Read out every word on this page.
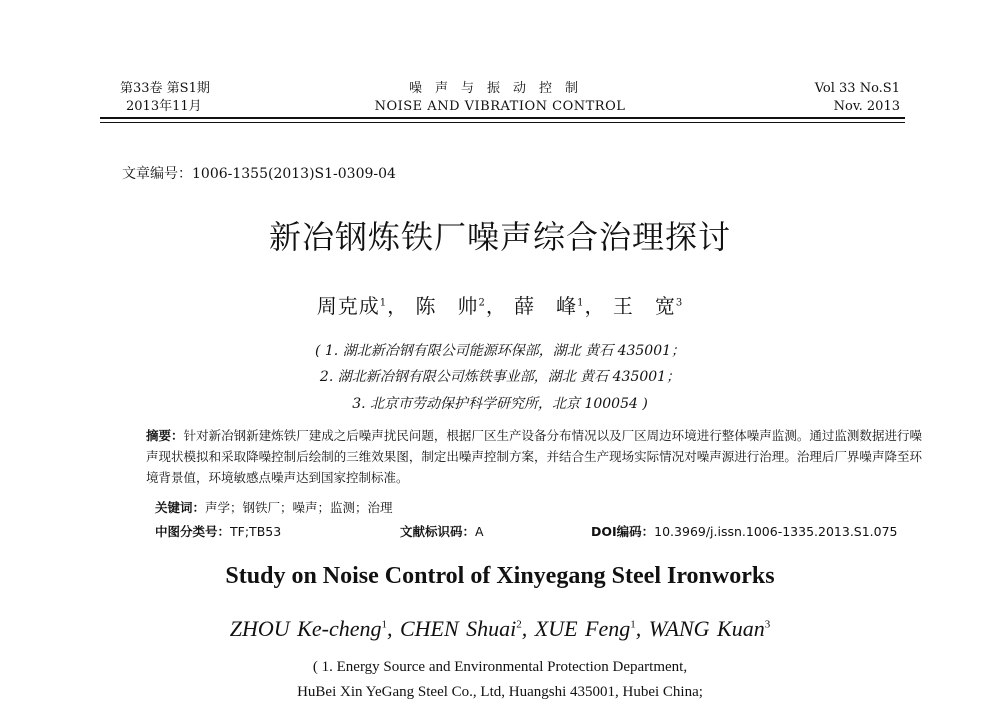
第33卷 第S1期
2013年11月
噪声与振动控制
NOISE AND VIBRATION CONTROL
Vol 33 No.S1
Nov. 2013
文章编号：1006-1355(2013)S1-0309-04
新冶钢炼铁厂噪声综合治理探讨
周克成$^1$， 陈　帅$^2$， 薛　峰$^1$， 王　宽$^3$
( 1. 湖北新冶钢有限公司能源环保部，湖北 黄石 435001；
2. 湖北新冶钢有限公司炼铁事业部，湖北 黄石 435001；
3. 北京市劳动保护科学研究所，北京 100054 )
摘要：针对新冶钢新建炼铁厂建成之后噪声扰民问题，根据厂区生产设备分布情况以及厂区周边环境进行整体噪声监测。通过监测数据进行噪声现状模拟和采取降噪控制后绘制的三维效果图，制定出噪声控制方案，并结合生产现场实际情况对噪声源进行治理。治理后厂界噪声降至环境背景值，环境敏感点噪声达到国家控制标准。
关键词：声学；钢铁厂；噪声；监测；治理
中图分类号：TF;TB53	文献标识码：A	DOI编码：10.3969/j.issn.1006-1335.2013.S1.075
Study on Noise Control of Xinyegang Steel Ironworks
ZHOU Ke-cheng$^1$, CHEN Shuai$^2$, XUE Feng$^1$, WANG Kuan$^3$
( 1. Energy Source and Environmental Protection Department,
HuBei Xin YeGang Steel Co., Ltd, Huangshi 435001, Hubei China;
